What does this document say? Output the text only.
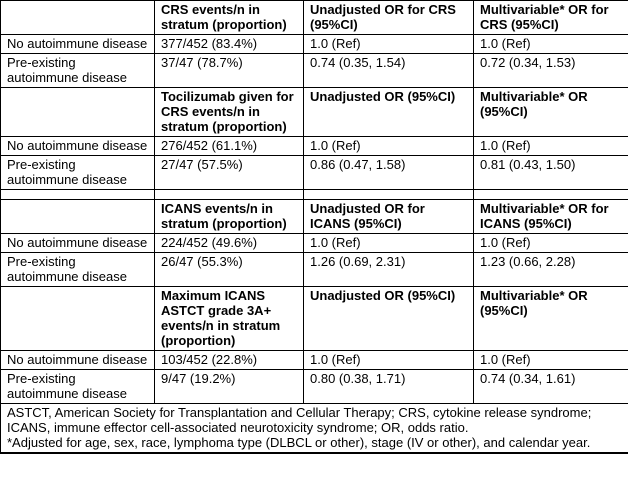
	CRS events/n in stratum (proportion)	Unadjusted OR for CRS (95%CI)	Multivariable* OR for CRS (95%CI)
No autoimmune disease	377/452 (83.4%)	1.0 (Ref)	1.0 (Ref)
Pre-existing autoimmune disease	37/47 (78.7%)	0.74 (0.35, 1.54)	0.72 (0.34, 1.53)
	Tocilizumab given for CRS events/n in stratum (proportion)	Unadjusted OR (95%CI)	Multivariable* OR (95%CI)
No autoimmune disease	276/452 (61.1%)	1.0 (Ref)	1.0 (Ref)
Pre-existing autoimmune disease	27/47 (57.5%)	0.86 (0.47, 1.58)	0.81 (0.43, 1.50)

	ICANS events/n in stratum (proportion)	Unadjusted OR for ICANS (95%CI)	Multivariable* OR for ICANS (95%CI)
No autoimmune disease	224/452 (49.6%)	1.0 (Ref)	1.0 (Ref)
Pre-existing autoimmune disease	26/47 (55.3%)	1.26 (0.69, 2.31)	1.23 (0.66, 2.28)
	Maximum ICANS ASTCT grade 3A+ events/n in stratum (proportion)	Unadjusted OR (95%CI)	Multivariable* OR (95%CI)
No autoimmune disease	103/452 (22.8%)	1.0 (Ref)	1.0 (Ref)
Pre-existing autoimmune disease	9/47 (19.2%)	0.80 (0.38, 1.71)	0.74 (0.34, 1.61)

ASTCT, American Society for Transplantation and Cellular Therapy; CRS, cytokine release syndrome; ICANS, immune effector cell-associated neurotoxicity syndrome; OR, odds ratio.
*Adjusted for age, sex, race, lymphoma type (DLBCL or other), stage (IV or other), and calendar year.			
